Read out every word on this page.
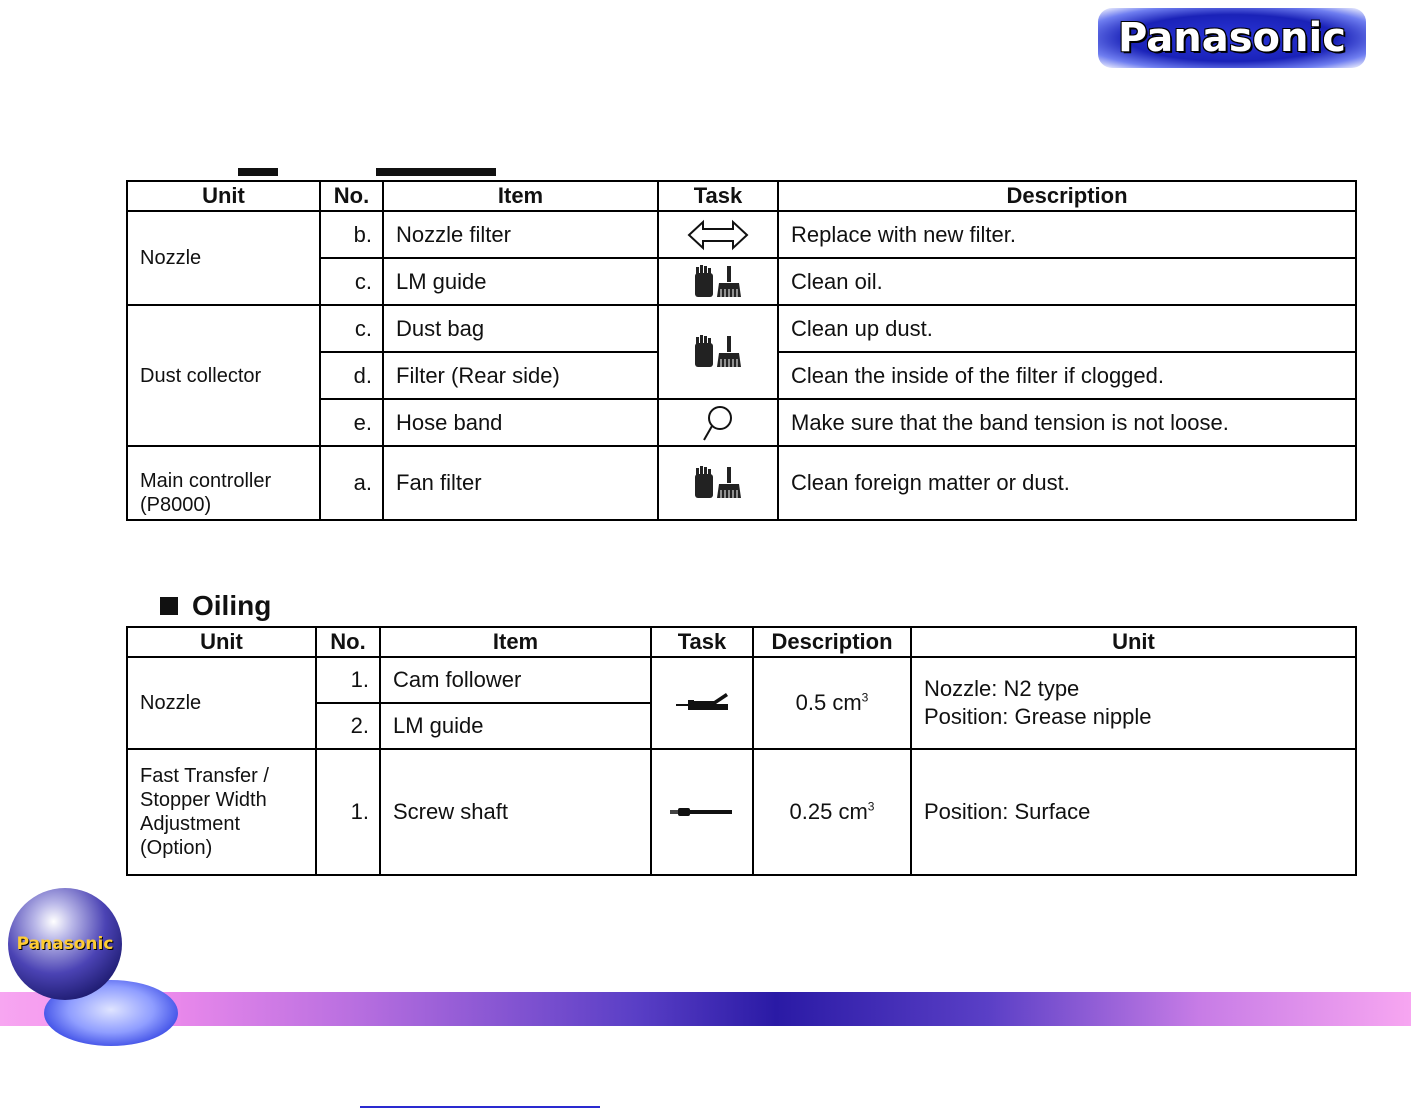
Panasonic
Unit	No.	Item	Task	Description
Nozzle	b.	Nozzle filter		Replace with new filter.
	c.	LM guide		Clean oil.
Dust collector	c.	Dust bag		Clean up dust.
	d.	Filter (Rear side)		Clean the inside of the filter if clogged.
	e.	Hose band		Make sure that the band tension is not loose.

Main controller
(P8000)	a.	Fan filter		Clean foreign matter or dust.
Oiling
Unit	No.	Item	Task	Description	Unit
Nozzle	1.	Cam follower		0.5 $cm^3$	Nozzle: N2 type
Position: Grease nipple

	2.	LM guide			

Fast Transfer /
Stopper Width
Adjustment
(Option)	1.	Screw shaft		0.25 $cm^3$	Position: Surface
Panasonic
